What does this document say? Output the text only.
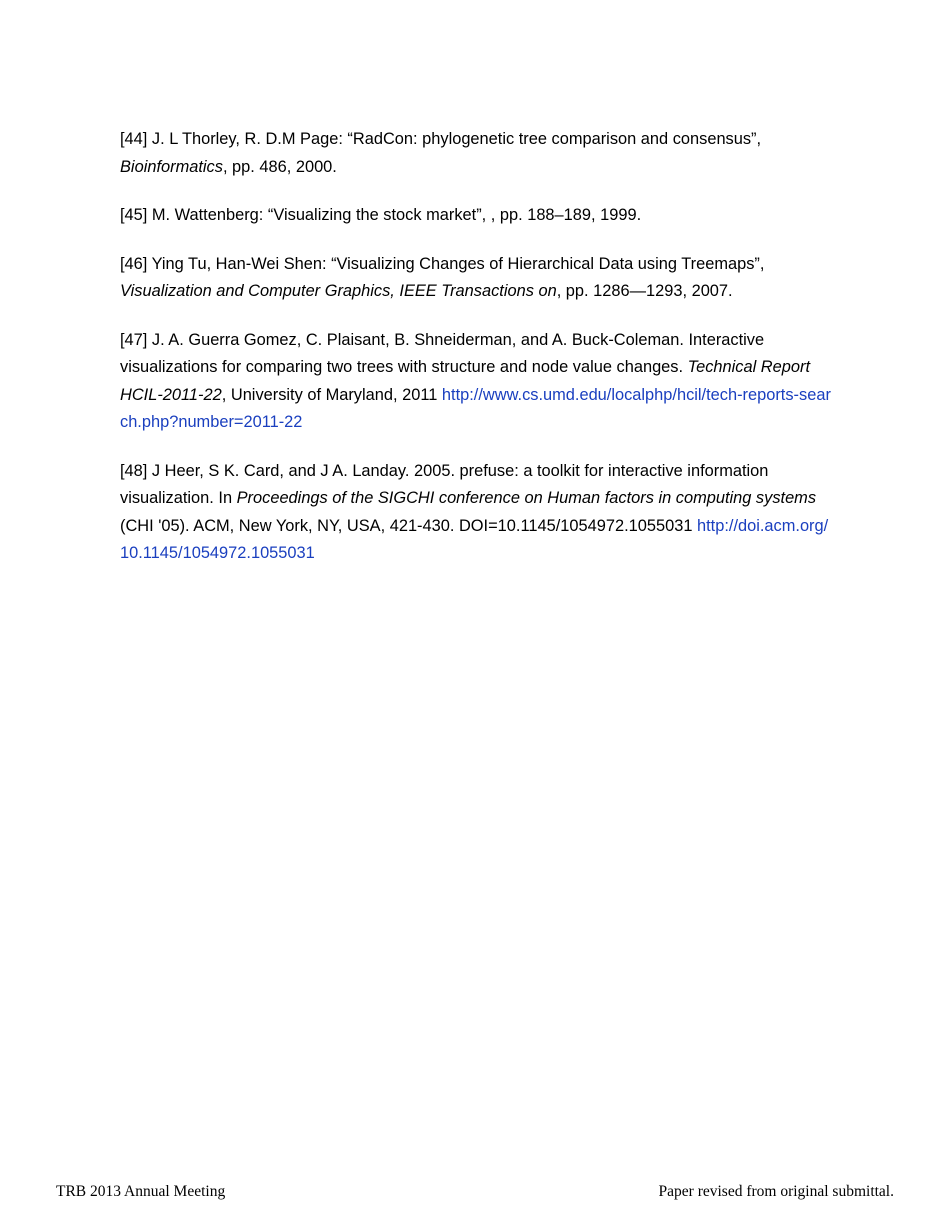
[44] J. L Thorley, R. D.M Page: “RadCon: phylogenetic tree comparison and consensus”, Bioinformatics, pp. 486, 2000.

[45] M. Wattenberg: “Visualizing the stock market”, , pp. 188–189, 1999.

[46] Ying Tu, Han-Wei Shen: “Visualizing Changes of Hierarchical Data using Treemaps”, Visualization and Computer Graphics, IEEE Transactions on, pp. 1286—1293, 2007.

[47] J. A. Guerra Gomez, C. Plaisant, B. Shneiderman, and A. Buck-Coleman. Interactive visualizations for comparing two trees with structure and node value changes. Technical Report HCIL-2011-22, University of Maryland, 2011 http://www.cs.umd.edu/localphp/hcil/tech-reports-search.php?number=2011-22

[48] J Heer, S K. Card, and J A. Landay. 2005. prefuse: a toolkit for interactive information visualization. In Proceedings of the SIGCHI conference on Human factors in computing systems (CHI '05). ACM, New York, NY, USA, 421-430. DOI=10.1145/1054972.1055031 http://doi.acm.org/10.1145/1054972.1055031

TRB 2013 Annual Meeting	Paper revised from original submittal.
